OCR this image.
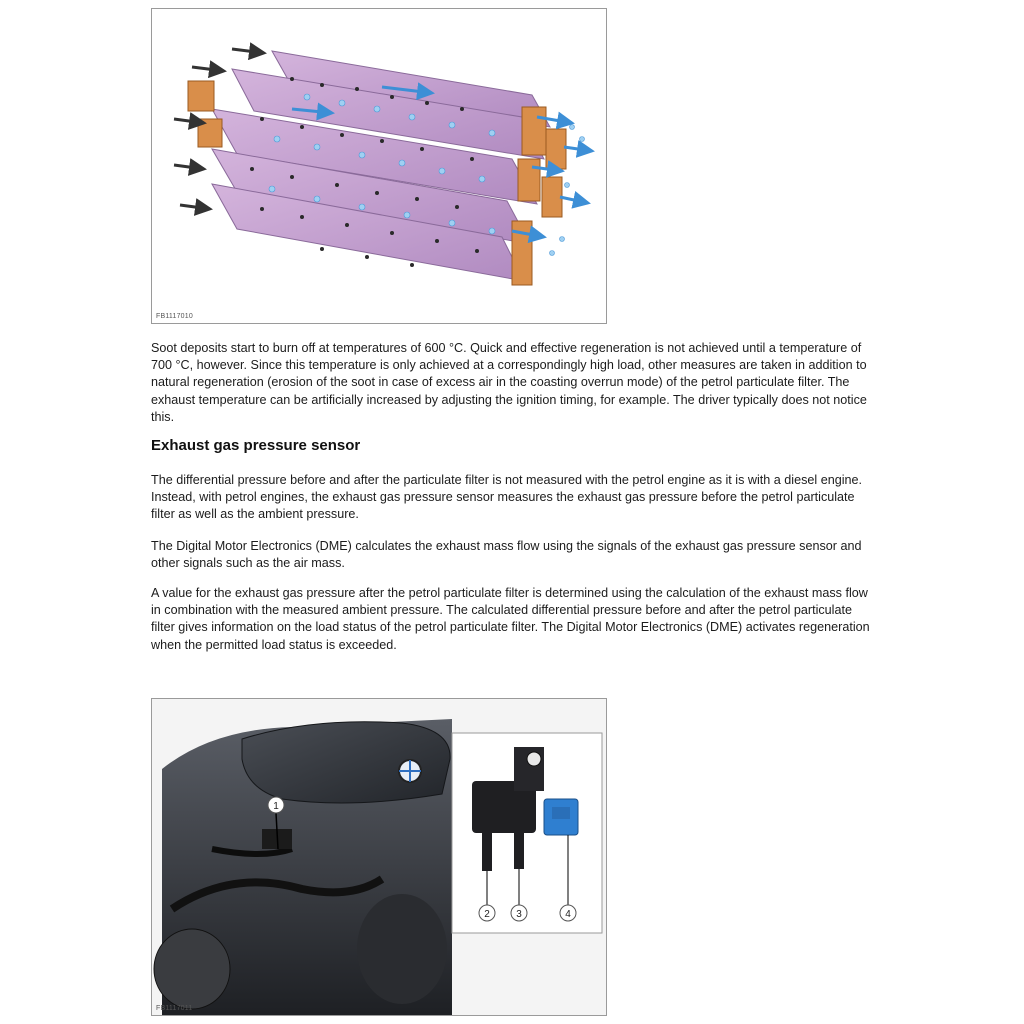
FB1117010

Soot deposits start to burn off at temperatures of 600 °C. Quick and effective regeneration is not achieved until a temperature of 700 °C, however. Since this temperature is only achieved at a correspondingly high load, other measures are taken in addition to natural regeneration (erosion of the soot in case of excess air in the coasting overrun mode) of the petrol particulate filter. The exhaust temperature can be artificially increased by adjusting the ignition timing, for example. The driver typically does not notice this.

Exhaust gas pressure sensor

The differential pressure before and after the particulate filter is not measured with the petrol engine as it is with a diesel engine. Instead, with petrol engines, the exhaust gas pressure sensor measures the exhaust gas pressure before the petrol particulate filter as well as the ambient pressure.

The Digital Motor Electronics (DME) calculates the exhaust mass flow using the signals of the exhaust gas pressure sensor and other signals such as the air mass.

A value for the exhaust gas pressure after the petrol particulate filter is determined using the calculation of the exhaust mass flow in combination with the measured ambient pressure. The calculated differential pressure before and after the petrol particulate filter gives information on the load status of the petrol particulate filter. The Digital Motor Electronics (DME) activates regeneration when the permitted load status is exceeded.

1
2	3	4
FB1117011
